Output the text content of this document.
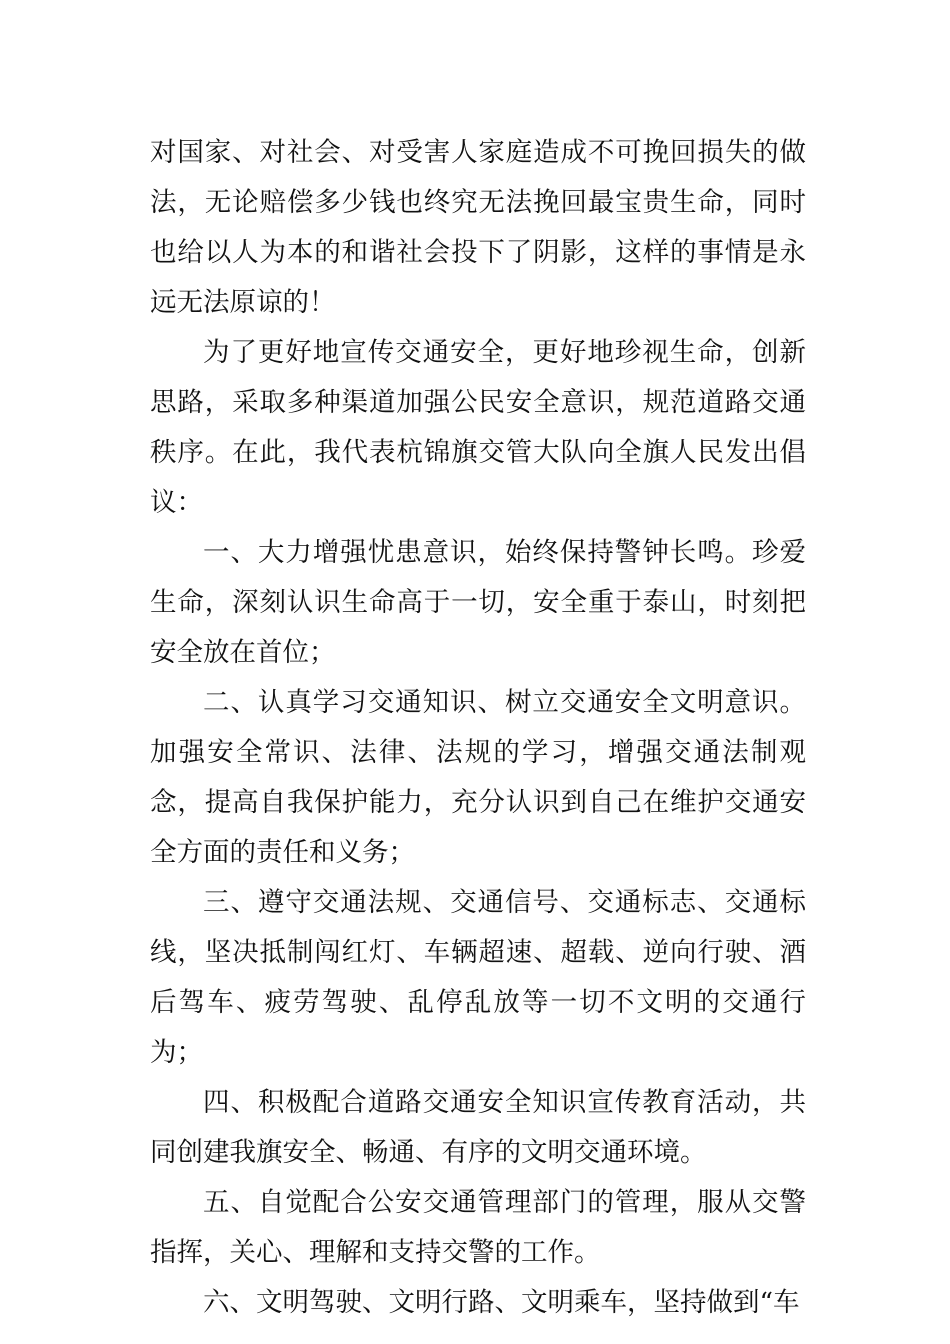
对国家、对社会、对受害人家庭造成不可挽回损失的做法，无论赔偿多少钱也终究无法挽回最宝贵生命，同时也给以人为本的和谐社会投下了阴影，这样的事情是永远无法原谅的！

为了更好地宣传交通安全，更好地珍视生命，创新思路，采取多种渠道加强公民安全意识，规范道路交通秩序。在此，我代表杭锦旗交管大队向全旗人民发出倡议：

一、大力增强忧患意识，始终保持警钟长鸣。珍爱生命，深刻认识生命高于一切，安全重于泰山，时刻把安全放在首位；

二、认真学习交通知识、树立交通安全文明意识。加强安全常识、法律、法规的学习，增强交通法制观念，提高自我保护能力，充分认识到自己在维护交通安全方面的责任和义务；

三、遵守交通法规、交通信号、交通标志、交通标线，坚决抵制闯红灯、车辆超速、超载、逆向行驶、酒后驾车、疲劳驾驶、乱停乱放等一切不文明的交通行为；

四、积极配合道路交通安全知识宣传教育活动，共同创建我旗安全、畅通、有序的文明交通环境。

五、自觉配合公安交通管理部门的管理，服从交警指挥，关心、理解和支持交警的工作。

六、文明驾驶、文明行路、文明乘车，坚持做到“车
